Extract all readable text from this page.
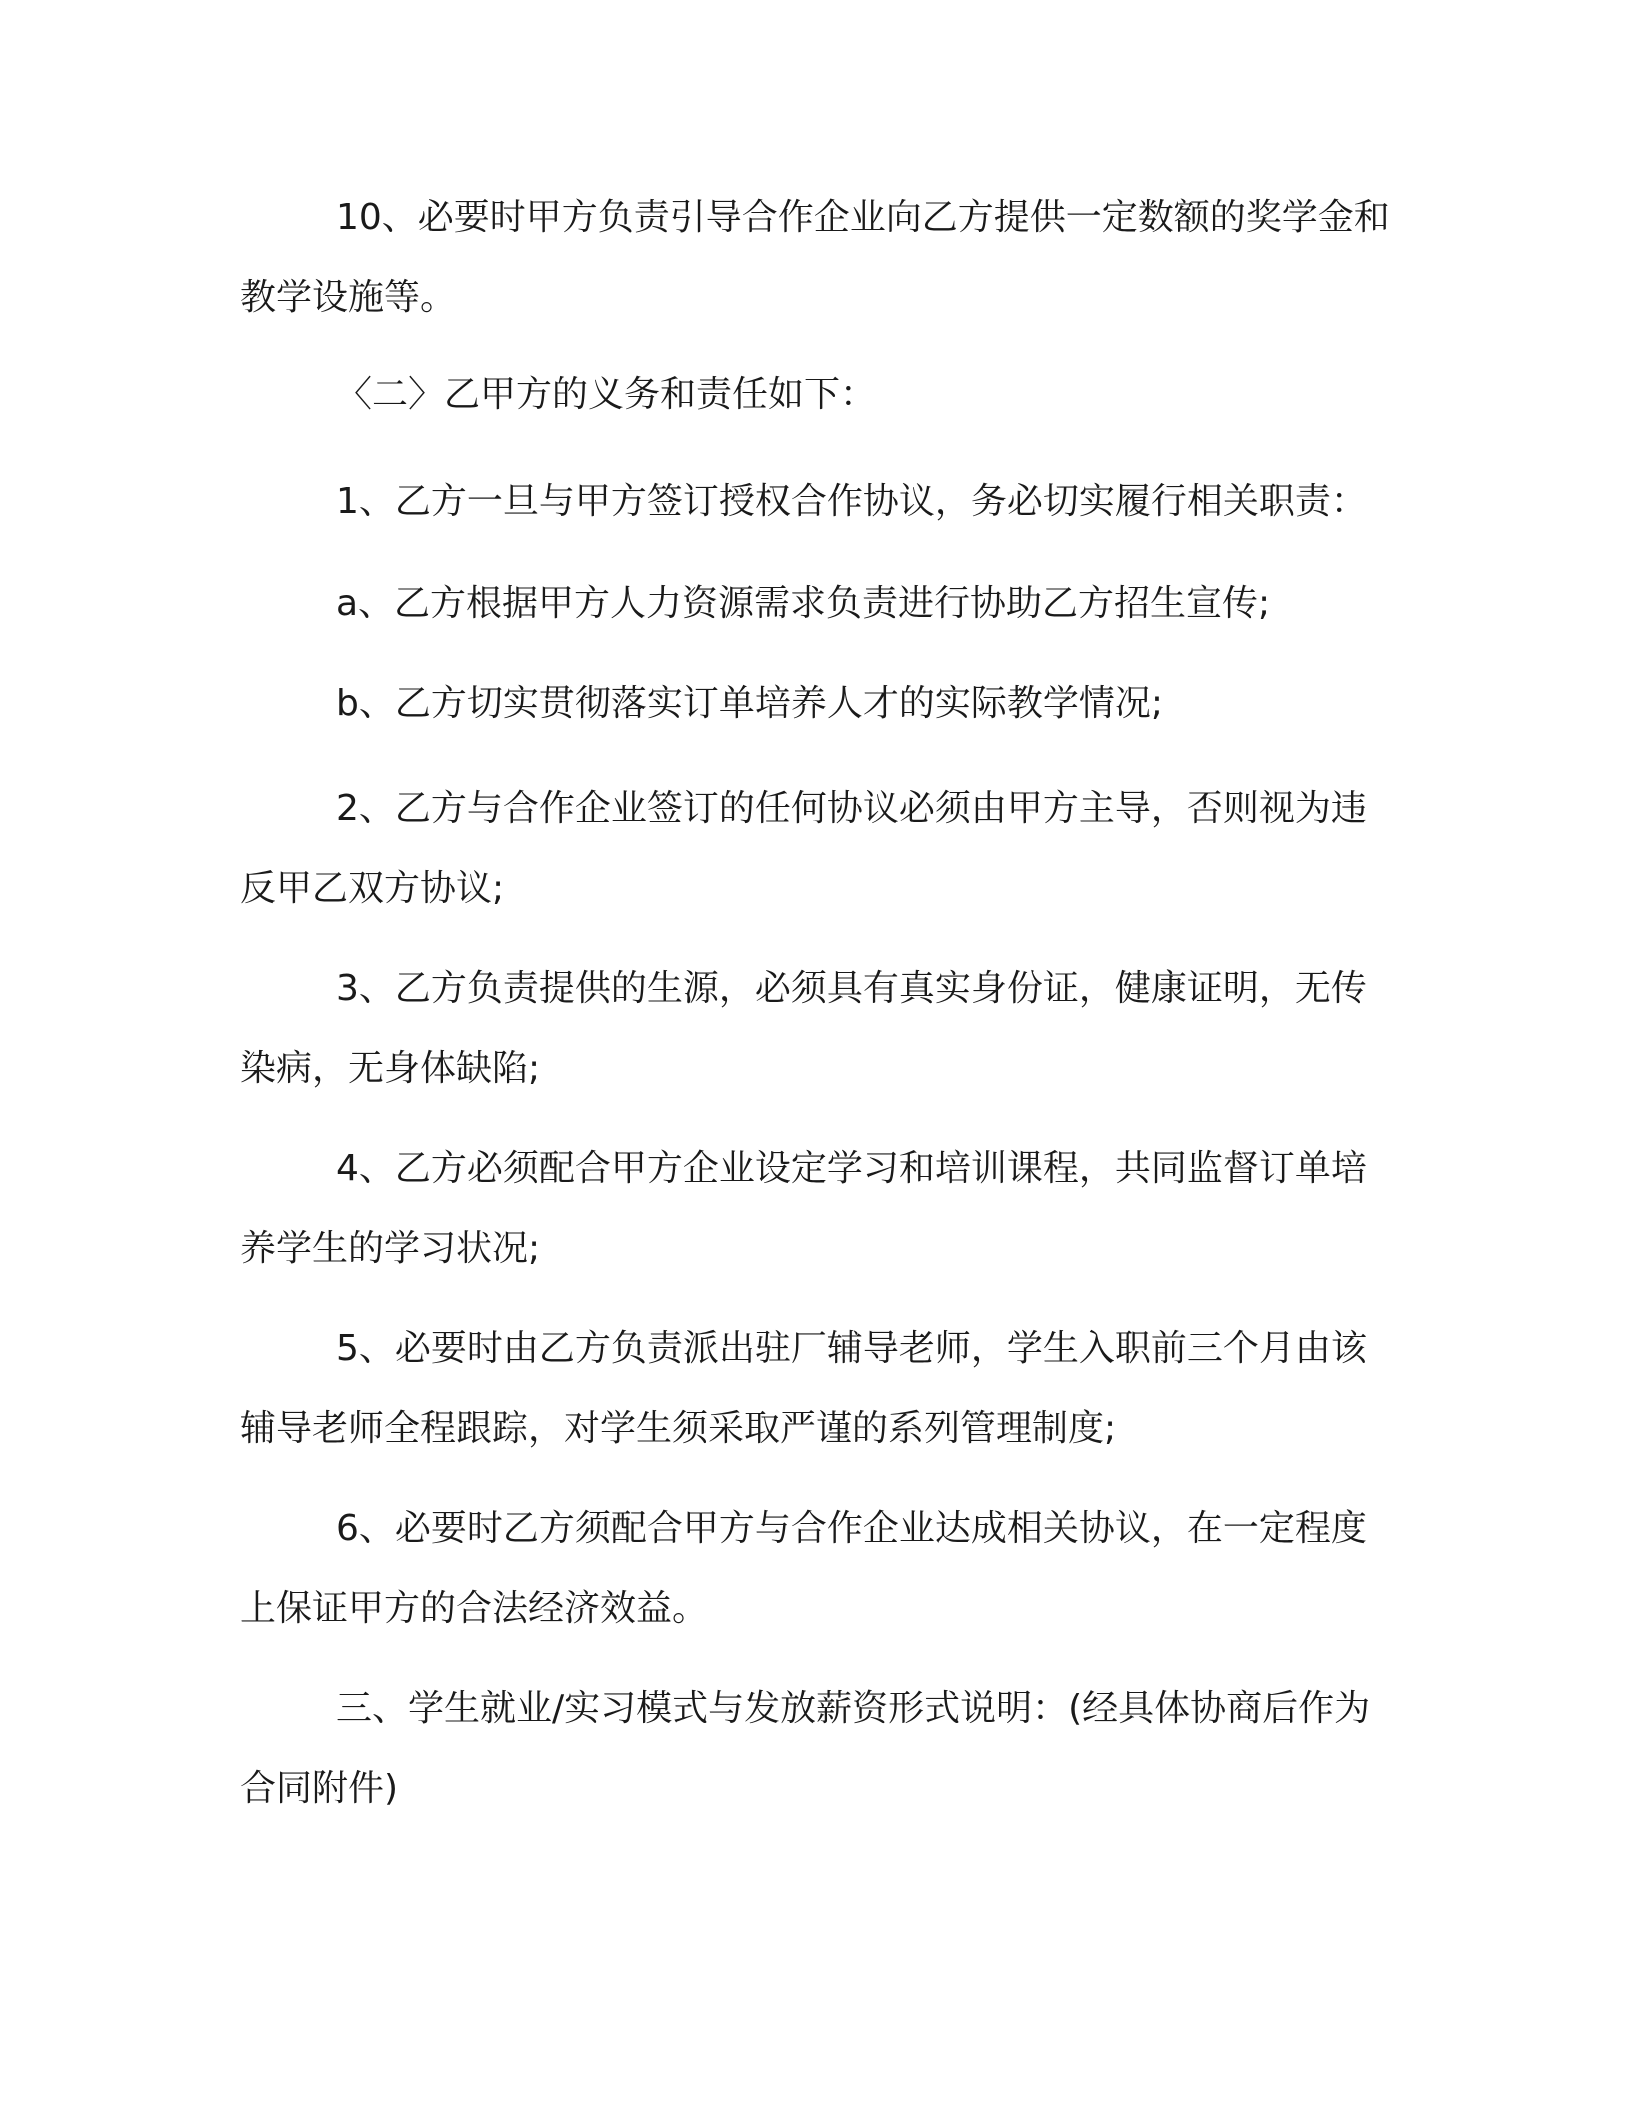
10、必要时甲方负责引导合作企业向乙方提供一定数额的奖学金和教学设施等。

〈二〉乙甲方的义务和责任如下：

1、乙方一旦与甲方签订授权合作协议，务必切实履行相关职责：

a、乙方根据甲方人力资源需求负责进行协助乙方招生宣传;

b、乙方切实贯彻落实订单培养人才的实际教学情况;

2、乙方与合作企业签订的任何协议必须由甲方主导，否则视为违反甲乙双方协议;

3、乙方负责提供的生源，必须具有真实身份证，健康证明，无传染病，无身体缺陷;

4、乙方必须配合甲方企业设定学习和培训课程，共同监督订单培养学生的学习状况;

5、必要时由乙方负责派出驻厂辅导老师，学生入职前三个月由该辅导老师全程跟踪，对学生须采取严谨的系列管理制度;

6、必要时乙方须配合甲方与合作企业达成相关协议，在一定程度上保证甲方的合法经济效益。

三、学生就业/实习模式与发放薪资形式说明：(经具体协商后作为合同附件)
